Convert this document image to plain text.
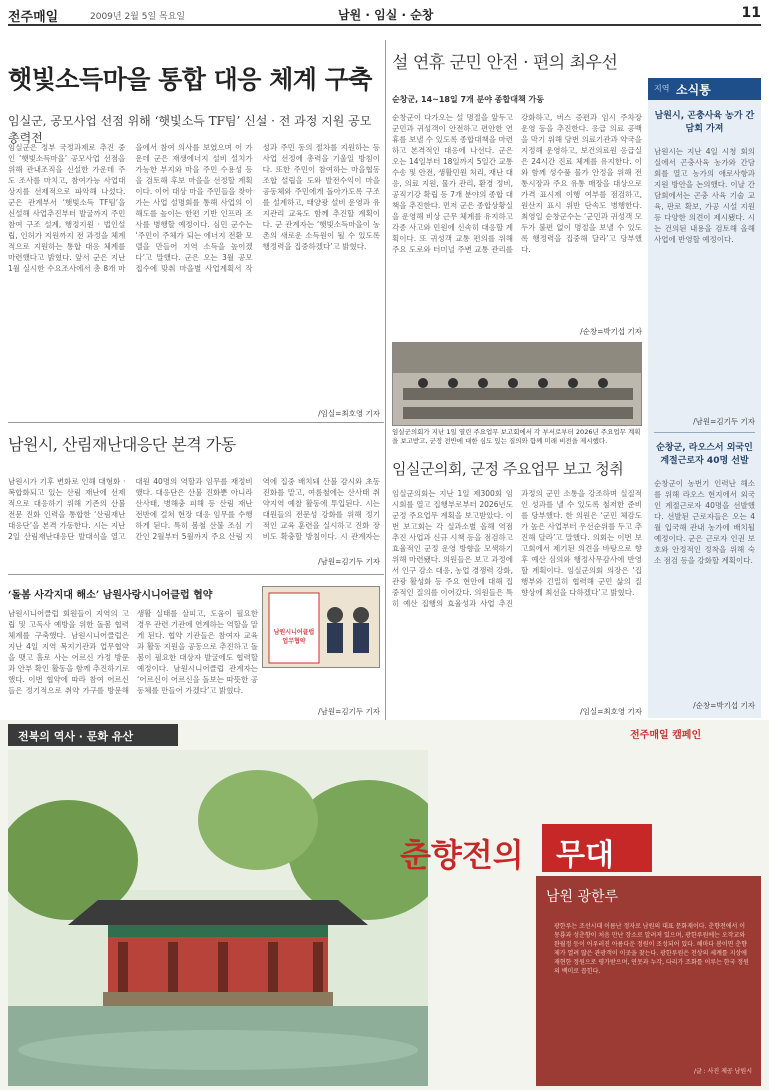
전주매일	2009년 2월 5일 목요일	남원 · 임실 · 순창	11
햇빛소득마을 통합 대응 체계 구축
임실군, 공모사업 선점 위해 ‘햇빛소득 TF팀’ 신설 · 전 과정 지원 공모 총력전
임실군은 정부 국정과제로 추진 중인 ‘햇빛소득마을’ 공모사업 선점을 위해 관내조직을 신설한 가운데 주도 조사를 마치고, 참여가능 사업대상지를 선제적으로 파악해 나섰다. 군은 관계부서 ‘햇빛소득 TF팀’을 신설해 사업추진부터 발굴까지 주민참여 구조 설계, 행정지원 · 법인설립, 인허가 지원까지 전 과정을 체계적으로 지원하는 통합 대응 체계를 마련했다고 밝혔다. 앞서 군은 지난 1월 실시한 수요조사에서 총 8개 마을에서 참여 의사를 보였으며 이 가운데 군은 재생에너지 설비 설치가 가능한 부지와 마을 주민 수용성 등을 검토해 후보 마을을 선정할 계획이다. 이어 대상 마을 주민들을 찾아가는 사업 설명회를 통해 사업의 이해도를 높이는 한편 기반 인프라 조사를 병행할 예정이다. 심민 군수는 ‘주민이 주체가 되는 에너지 전환 모델을 만들어 지역 소득을 높이겠다’고 말했다. 군은 오는 3월 공모 접수에 맞춰 마을별 사업계획서 작성과 주민 동의 절차를 지원하는 등 사업 선정에 총력을 기울일 방침이다. 또한 주민이 참여하는 마을협동조합 설립을 도와 발전수익이 마을 공동체와 주민에게 돌아가도록 구조를 설계하고, 태양광 설비 운영과 유지관리 교육도 함께 추진할 계획이다. 군 관계자는 ‘햇빛소득마을이 농촌의 새로운 소득원이 될 수 있도록 행정력을 집중하겠다’고 밝혔다.
/임실=최호영 기자
설 연휴 군민 안전 · 편의 최우선
순창군, 14~18일 7개 분야 종합대책 가동
순창군이 다가오는 설 명절을 앞두고 군민과 귀성객이 안전하고 편안한 연휴를 보낼 수 있도록 종합대책을 마련하고 본격적인 대응에 나선다. 군은 오는 14일부터 18일까지 5일간 교통수송 및 안전, 생활민원 처리, 재난 대응, 의료 지원, 물가 관리, 환경 정비, 공직기강 확립 등 7개 분야의 종합 대책을 추진한다. 먼저 군은 종합상황실을 운영해 비상 근무 체계를 유지하고 각종 사고와 민원에 신속히 대응할 계획이다. 또 귀성객 교통 편의를 위해 주요 도로와 터미널 주변 교통 관리를 강화하고, 버스 증편과 임시 주차장 운영 등을 추진한다. 응급 의료 공백을 막기 위해 당번 의료기관과 약국을 지정해 운영하고, 보건의료원 응급실은 24시간 진료 체계를 유지한다. 이와 함께 성수품 물가 안정을 위해 전통시장과 주요 유통 매장을 대상으로 가격 표시제 이행 여부를 점검하고, 원산지 표시 위반 단속도 병행한다. 최영일 순창군수는 ‘군민과 귀성객 모두가 불편 없이 명절을 보낼 수 있도록 행정력을 집중해 달라’고 당부했다.
/순창=박기섭 기자
임실군의회가 지난 1일 열린 주요업무 보고회에서 각 부서로부터 2026년 주요업무 계획을 보고받고, 군정 전반에 대한 심도 있는 질의와 함께 미래 비전을 제시했다.
임실군의회, 군정 주요업무 보고 청취
임실군의회는 지난 1일 제300회 임시회를 열고 집행부로부터 2026년도 군정 주요업무 계획을 보고받았다. 이번 보고회는 각 실과소별 올해 역점 추진 사업과 신규 시책 등을 점검하고 효율적인 군정 운영 방향을 모색하기 위해 마련됐다. 의원들은 보고 과정에서 인구 감소 대응, 농업 경쟁력 강화, 관광 활성화 등 주요 현안에 대해 집중적인 질의를 이어갔다. 의원들은 특히 예산 집행의 효율성과 사업 추진 과정의 군민 소통을 강조하며 실질적인 성과를 낼 수 있도록 철저한 준비를 당부했다. 한 의원은 ‘군민 체감도가 높은 사업부터 우선순위를 두고 추진해 달라’고 말했다. 의회는 이번 보고회에서 제기된 의견을 바탕으로 향후 예산 심의와 행정사무감사에 반영할 계획이다. 임실군의회 의장은 ‘집행부와 긴밀히 협력해 군민 삶의 질 향상에 최선을 다하겠다’고 밝혔다.
/임실=최호영 기자
남원시, 산림재난대응단 본격 가동
남원시가 기후 변화로 인해 대형화 · 복합화되고 있는 산림 재난에 선제적으로 대응하기 위해 기존의 산불 전문 진화 인력을 통합한 ‘산림재난대응단’을 본격 가동한다. 시는 지난 2일 산림재난대응단 발대식을 열고 대원 40명의 역할과 임무를 재정비했다. 대응단은 산불 진화뿐 아니라 산사태, 병해충 피해 등 산림 재난 전반에 걸쳐 현장 대응 임무를 수행하게 된다. 특히 봄철 산불 조심 기간인 2월부터 5월까지 주요 산림 지역에 집중 배치돼 산불 감시와 초동 진화를 맡고, 여름철에는 산사태 취약지역 예찰 활동에 투입된다. 시는 대원들의 전문성 강화를 위해 정기적인 교육 훈련을 실시하고 진화 장비도 확충할 방침이다. 시 관계자는
/남원=김기두 기자
‘돌봄 사각지대 해소’ 남원사랑시니어클럽 협약
남원시니어클럽 회원들이 지역의 고립 및 고독사 예방을 위한 돌봄 협력 체계를 구축했다. 남원시니어클럽은 지난 4일 지역 복지기관과 업무협약을 맺고 홀로 사는 어르신 가정 방문과 안부 확인 활동을 함께 추진하기로 했다. 이번 협약에 따라 참여 어르신들은 정기적으로 취약 가구를 방문해 생활 실태를 살피고, 도움이 필요한 경우 관련 기관에 연계하는 역할을 맡게 된다. 협약 기관들은 참여자 교육과 활동 지원을 공동으로 추진하고 돌봄이 필요한 대상자 발굴에도 협력할 예정이다. 남원시니어클럽 관계자는 ‘어르신이 어르신을 돌보는 따뜻한 공동체를 만들어 가겠다’고 밝혔다.
남원시니어클럽 업무협약
/남원=김기두 기자
지역 소식통
남원시, 곤충사육 농가 간담회 가져
남원시는 지난 4일 시청 회의실에서 곤충사육 농가와 간담회를 열고 농가의 애로사항과 지원 방안을 논의했다. 이날 간담회에서는 곤충 사육 기술 교육, 판로 확보, 가공 시설 지원 등 다양한 의견이 제시됐다. 시는 건의된 내용을 검토해 올해 사업에 반영할 예정이다.
/남원=김기두 기자
순창군, 라오스서 외국인 계절근로자 40명 선발
순창군이 농번기 인력난 해소를 위해 라오스 현지에서 외국인 계절근로자 40명을 선발했다. 선발된 근로자들은 오는 4월 입국해 관내 농가에 배치될 예정이다. 군은 근로자 인권 보호와 안정적인 정착을 위해 숙소 점검 등을 강화할 계획이다.
/순창=박기섭 기자
전북의 역사 · 문화 유산	전주매일 캠페인
춘향전의 무대
남원 광한루
광한루는 조선시대 이름난 정자로 남원의 대표 문화재이다. 춘향전에서 이몽룡과 성춘향이 처음 만난 장소로 알려져 있으며, 광한루원에는 오작교와 완월정 등이 어우러진 아름다운 정원이 조성되어 있다. 해마다 봄이면 춘향제가 열려 많은 관광객이 이곳을 찾는다. 광한루원은 천상의 세계를 지상에 재현한 정원으로 평가받으며, 연못과 누각, 다리가 조화를 이루는 한국 정원의 백미로 꼽힌다.
/글 : 사진 제공 남원시
